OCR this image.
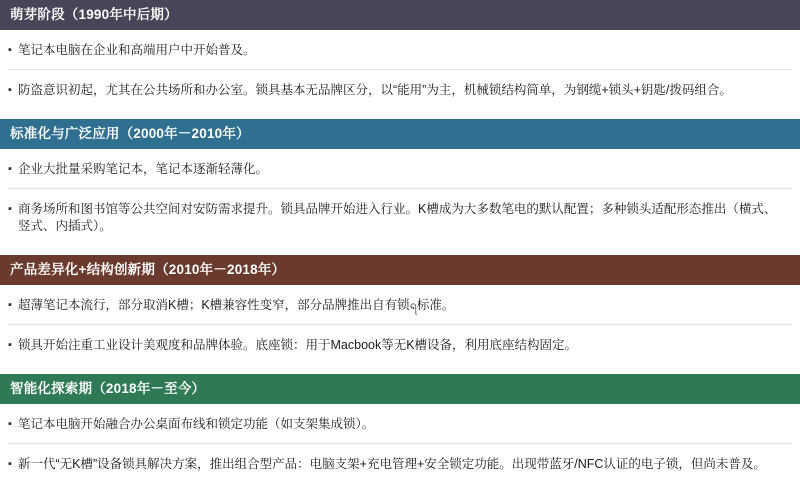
萌芽阶段（1990年中后期）
▪ 笔记本电脑在企业和高端用户中开始普及。
▪ 防盗意识初起，尤其在公共场所和办公室。锁具基本无品牌区分，以“能用”为主，机械锁结构简单，为钢缆+锁头+钥匙/拨码组合。
标准化与广泛应用（2000年－2010年）
▪ 企业大批量采购笔记本，笔记本逐渐轻薄化。
▪ 商务场所和图书馆等公共空间对安防需求提升。锁具品牌开始进入行业。K槽成为大多数笔电的默认配置；多种锁头适配形态推出（横式、竖式、内插式）。
产品差异化+结构创新期（2010年－2018年）
▪ 超薄笔记本流行，部分取消K槽；K槽兼容性变窄，部分品牌推出自有锁ရ标准。
▪ 锁具开始注重工业设计美观度和品牌体验。底座锁：用于Macbook等无K槽设备，利用底座结构固定。
智能化探索期（2018年－至今）
▪ 笔记本电脑开始融合办公桌面布线和锁定功能（如支架集成锁）。
▪ 新一代“无K槽”设备锁具解决方案，推出组合型产品：电脑支架+充电管理+安全锁定功能。出现带蓝牙/NFC认证的电子锁，但尚未普及。
